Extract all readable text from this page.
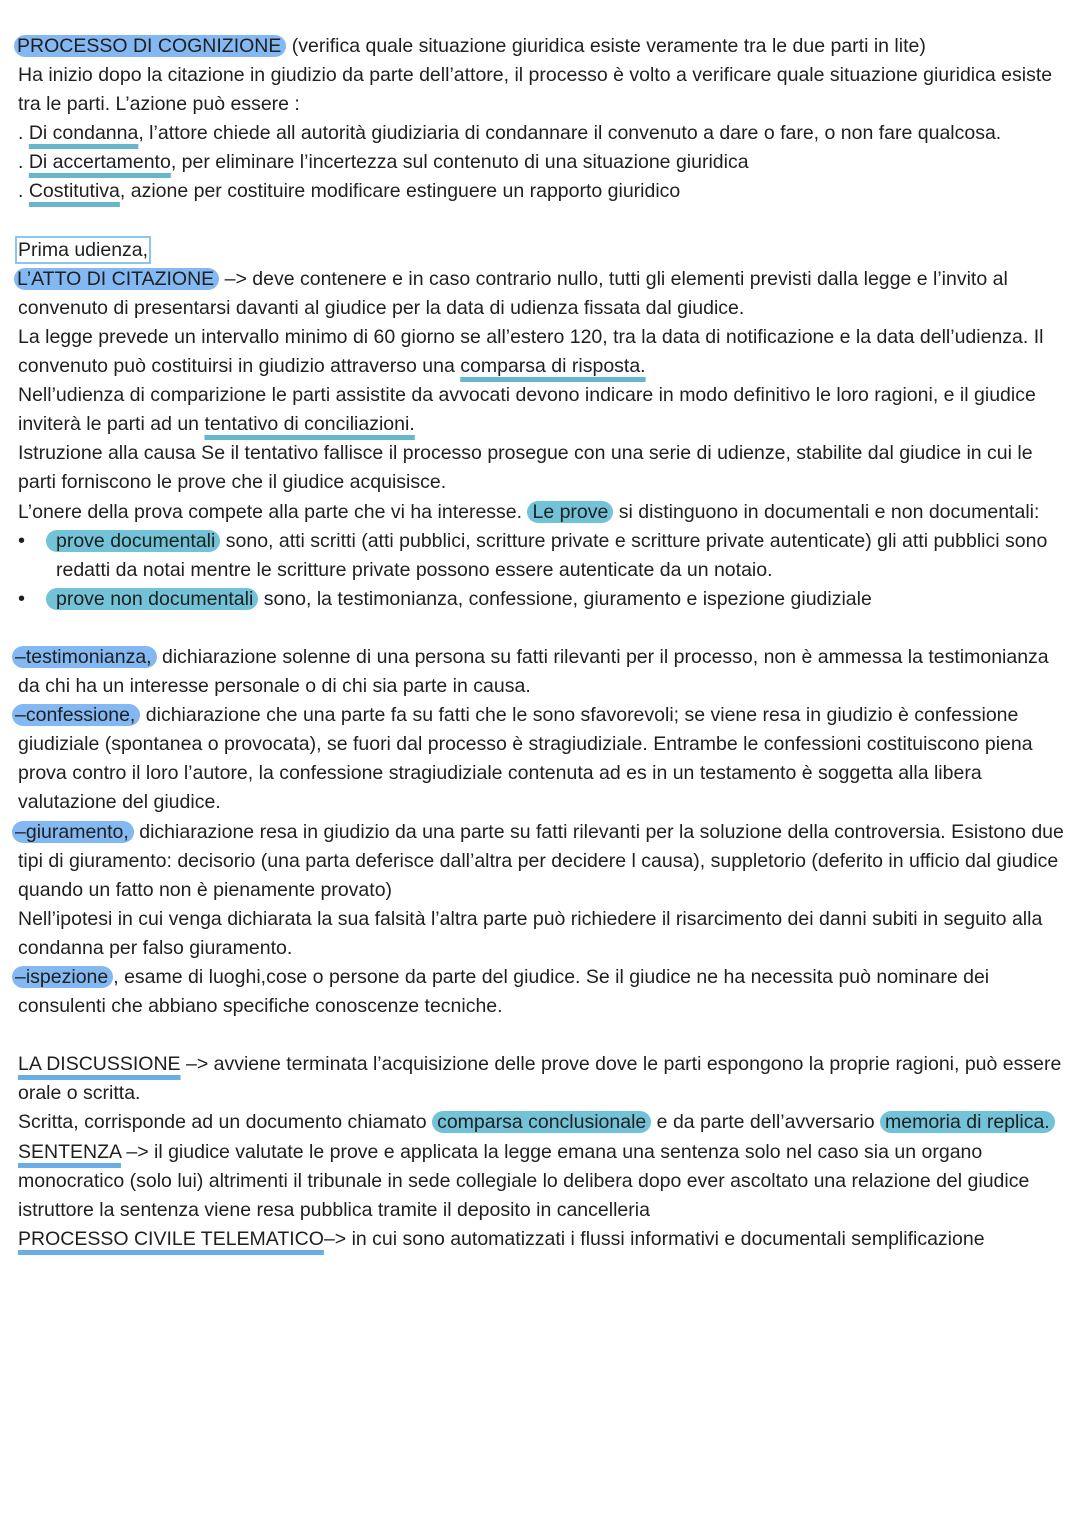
PROCESSO DI COGNIZIONE (verifica quale situazione giuridica esiste veramente tra le due parti in lite)

Ha inizio dopo la citazione in giudizio da parte dell’attore, il processo è volto a verificare quale situazione giuridica esiste tra le parti. L’azione può essere :

. Di condanna, l’attore chiede all autorità giudiziaria di condannare il convenuto a dare o fare, o non fare qualcosa.

. Di accertamento, per eliminare l’incertezza sul contenuto di una situazione giuridica

. Costitutiva, azione per costituire modificare estinguere un rapporto giuridico

Prima udienza,

L’ATTO DI CITAZIONE –> deve contenere e in caso contrario nullo, tutti gli elementi previsti dalla legge e l’invito al convenuto di presentarsi davanti al giudice per la data di udienza fissata dal giudice.

La legge prevede un intervallo minimo di 60 giorno se all’estero 120, tra la data di notificazione e la data dell’udienza. Il convenuto può costituirsi in giudizio attraverso una comparsa di risposta.

Nell’udienza di comparizione le parti assistite da avvocati devono indicare in modo definitivo le loro ragioni, e il giudice inviterà le parti ad un tentativo di conciliazioni.

Istruzione alla causa Se il tentativo fallisce il processo prosegue con una serie di udienze, stabilite dal giudice in cui le parti forniscono le prove che il giudice acquisisce.

L’onere della prova compete alla parte che vi ha interesse. Le prove si distinguono in documentali e non documentali:

• prove documentali sono, atti scritti (atti pubblici, scritture private e scritture private autenticate) gli atti pubblici sono redatti da notai mentre le scritture private possono essere autenticate da un notaio.

• prove non documentali sono, la testimonianza, confessione, giuramento e ispezione giudiziale

–testimonianza, dichiarazione solenne di una persona su fatti rilevanti per il processo, non è ammessa la testimonianza da chi ha un interesse personale o di chi sia parte in causa.

–confessione, dichiarazione che una parte fa su fatti che le sono sfavorevoli; se viene resa in giudizio è confessione giudiziale (spontanea o provocata), se fuori dal processo è stragiudiziale. Entrambe le confessioni costituiscono piena prova contro il loro l’autore, la confessione stragiudiziale contenuta ad es in un testamento è soggetta alla libera valutazione del giudice.

–giuramento, dichiarazione resa in giudizio da una parte su fatti rilevanti per la soluzione della controversia. Esistono due tipi di giuramento: decisorio (una parta deferisce dall’altra per decidere l causa), suppletorio (deferito in ufficio dal giudice quando un fatto non è pienamente provato)

Nell’ipotesi in cui venga dichiarata la sua falsità l’altra parte può richiedere il risarcimento dei danni subiti in seguito alla condanna per falso giuramento.

–ispezione , esame di luoghi,cose o persone da parte del giudice. Se il giudice ne ha necessita può nominare dei consulenti che abbiano specifiche conoscenze tecniche.

LA DISCUSSIONE –> avviene terminata l’acquisizione delle prove dove le parti espongono la proprie ragioni, può essere orale o scritta.

Scritta, corrisponde ad un documento chiamato comparsa conclusionale e da parte dell’avversario memoria di replica.

SENTENZA –> il giudice valutate le prove e applicata la legge emana una sentenza solo nel caso sia un organo monocratico (solo lui) altrimenti il tribunale in sede collegiale lo delibera dopo ever ascoltato una relazione del giudice istruttore la sentenza viene resa pubblica tramite il deposito in cancelleria

PROCESSO CIVILE TELEMATICO–> in cui sono automatizzati i flussi informativi e documentali semplificazione
